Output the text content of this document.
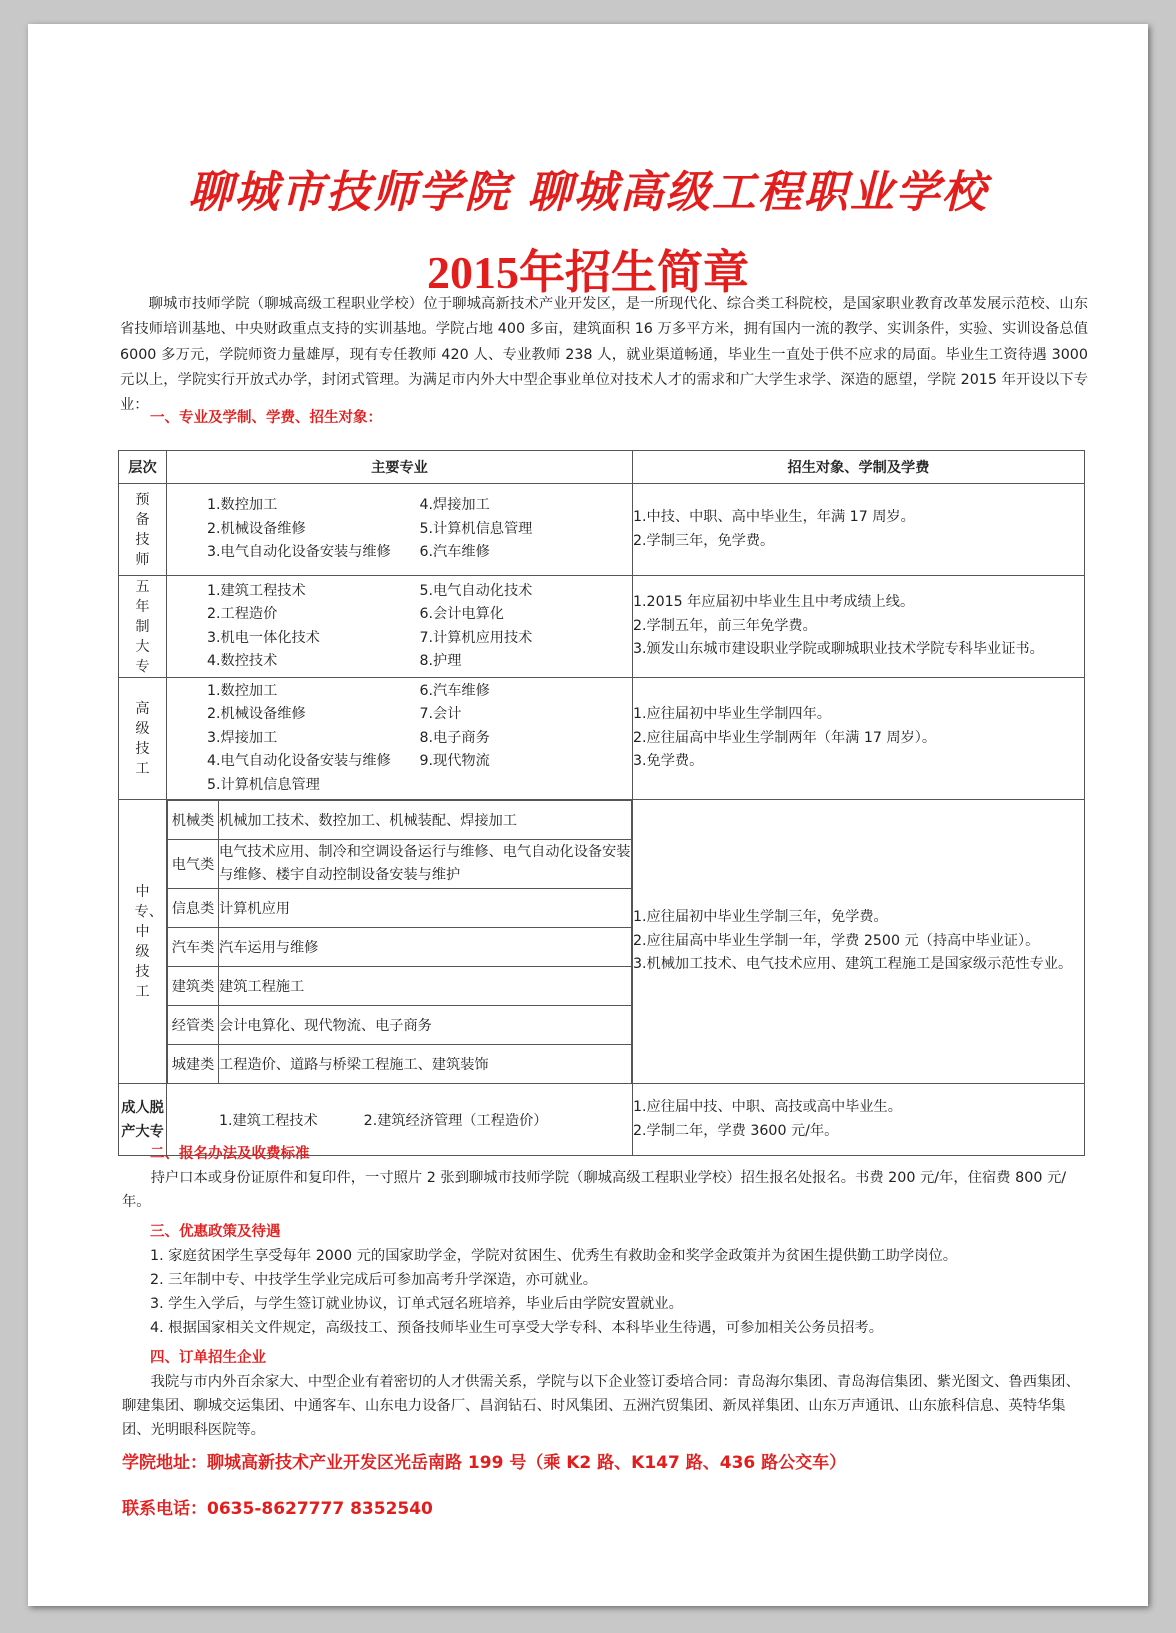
聊城市技师学院 聊城高级工程职业学校
2015年招生简章

聊城市技师学院（聊城高级工程职业学校）位于聊城高新技术产业开发区，是一所现代化、综合类工科院校，是国家职业教育改革发展示范校、山东省技师培训基地、中央财政重点支持的实训基地。学院占地 400 多亩，建筑面积 16 万多平方米，拥有国内一流的教学、实训条件，实验、实训设备总值 6000 多万元，学院师资力量雄厚，现有专任教师 420 人、专业教师 238 人，就业渠道畅通，毕业生一直处于供不应求的局面。毕业生工资待遇 3000 元以上，学院实行开放式办学，封闭式管理。为满足市内外大中型企事业单位对技术人才的需求和广大学生求学、深造的愿望，学院 2015 年开设以下专业：

一、专业及学制、学费、招生对象：
层次	主要专业	招生对象、学制及学费

预备技师

1.数控加工
2.机械设备维修
3.电气自动化设备安装与维修
4.焊接加工
5.计算机信息管理
6.汽车维修

1.中技、中职、高中毕业生，年满 17 周岁。
2.学制三年，免学费。

五年制大专

1.建筑工程技术
2.工程造价
3.机电一体化技术
4.数控技术
5.电气自动化技术
6.会计电算化
7.计算机应用技术
8.护理

1.2015 年应届初中毕业生且中考成绩上线。
2.学制五年，前三年免学费。
3.颁发山东城市建设职业学院或聊城职业技术学院专科毕业证书。

高级技工

1.数控加工
2.机械设备维修
3.焊接加工
4.电气自动化设备安装与维修
5.计算机信息管理
6.汽车维修
7.会计
8.电子商务
9.现代物流

1.应往届初中毕业生学制四年。
2.应往届高中毕业生学制两年（年满 17 周岁）。
3.免学费。

中专、中级技工

机械类	机械加工技术、数控加工、机械装配、焊接加工
电气类	电气技术应用、制冷和空调设备运行与维修、电气自动化设备安装与维修、楼宇自动控制设备安装与维护
信息类	计算机应用
汽车类	汽车运用与维修
建筑类	建筑工程施工
经管类	会计电算化、现代物流、电子商务
城建类	工程造价、道路与桥梁工程施工、建筑装饰

1.应往届初中毕业生学制三年，免学费。
2.应往届高中毕业生学制一年，学费 2500 元（持高中毕业证）。
3.机械加工技术、电气技术应用、建筑工程施工是国家级示范性专业。

成人脱产大专

1.建筑工程技术	2.建筑经济管理（工程造价）

1.应往届中技、中职、高技或高中毕业生。
2.学制二年，学费 3600 元/年。
二、报名办法及收费标准

持户口本或身份证原件和复印件，一寸照片 2 张到聊城市技师学院（聊城高级工程职业学校）招生报名处报名。书费 200 元/年，住宿费 800 元/年。

三、优惠政策及待遇
1. 家庭贫困学生享受每年 2000 元的国家助学金，学院对贫困生、优秀生有救助金和奖学金政策并为贫困生提供勤工助学岗位。
2. 三年制中专、中技学生学业完成后可参加高考升学深造，亦可就业。
3. 学生入学后，与学生签订就业协议，订单式冠名班培养，毕业后由学院安置就业。
4. 根据国家相关文件规定，高级技工、预备技师毕业生可享受大学专科、本科毕业生待遇，可参加相关公务员招考。
四、订单招生企业

我院与市内外百余家大、中型企业有着密切的人才供需关系，学院与以下企业签订委培合同：青岛海尔集团、青岛海信集团、紫光图文、鲁西集团、聊建集团、聊城交运集团、中通客车、山东电力设备厂、昌润钻石、时风集团、五洲汽贸集团、新凤祥集团、山东万声通讯、山东旅科信息、英特华集团、光明眼科医院等。

学院地址：聊城高新技术产业开发区光岳南路 199 号（乘 K2 路、K147 路、436 路公交车）
联系电话：0635-8627777 8352540
